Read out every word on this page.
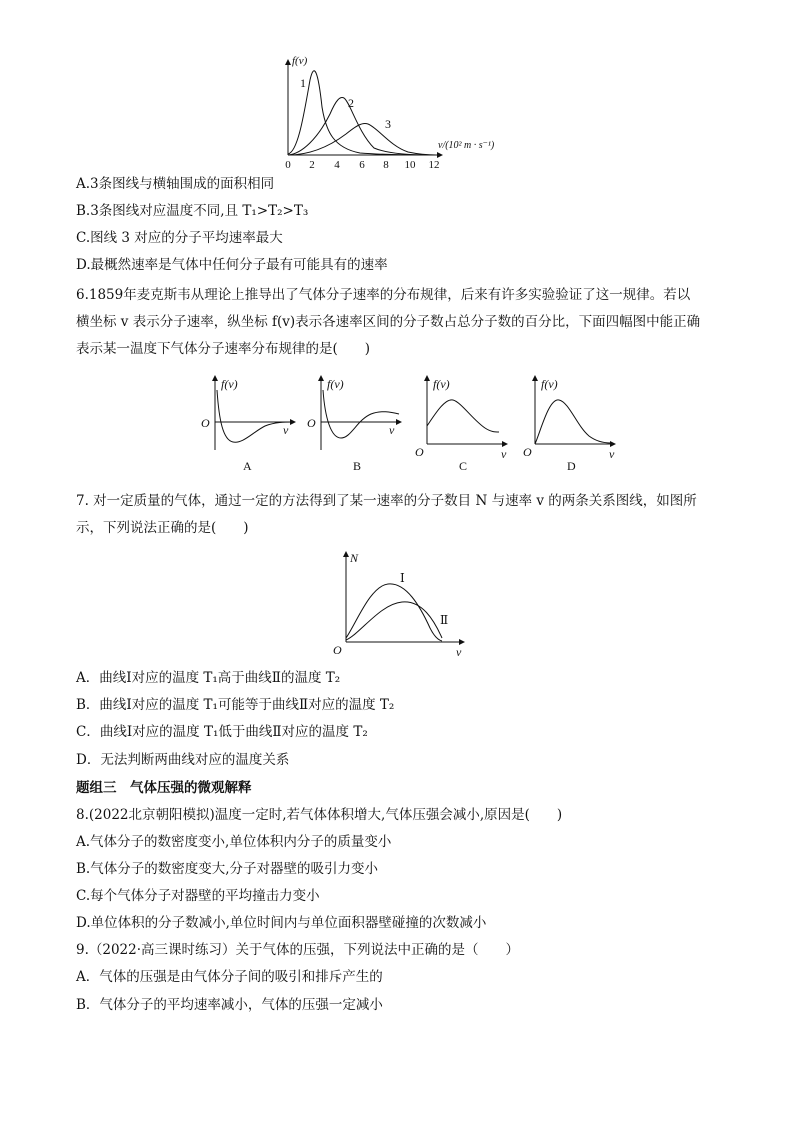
f(v)
v/(10² m · s⁻¹)
1
2
3
0 2 4 6 8 10 12
A.3条图线与横轴围成的面积相同
B.3条图线对应温度不同,且 T₁>T₂>T₃
C.图线 3 对应的分子平均速率最大
D.最概然速率是气体中任何分子最有可能具有的速率
6.1859年麦克斯韦从理论上推导出了气体分子速率的分布规律，后来有许多实验验证了这一规律。若以
横坐标 v 表示分子速率，纵坐标 f(v)表示各速率区间的分子数占总分子数的百分比，下面四幅图中能正确
表示某一温度下气体分子速率分布规律的是(　　)
f(v)
O	v
A
f(v)
O	v
B
f(v)
O	v
C
f(v)
O	v
D
7. 对一定质量的气体，通过一定的方法得到了某一速率的分子数目 N 与速率 v 的两条关系图线，如图所
示，下列说法正确的是(　　)
N
O	v
Ⅰ
Ⅱ
A．曲线Ⅰ对应的温度 T₁高于曲线Ⅱ的温度 T₂
B．曲线Ⅰ对应的温度 T₁可能等于曲线Ⅱ对应的温度 T₂
C．曲线Ⅰ对应的温度 T₁低于曲线Ⅱ对应的温度 T₂
D．无法判断两曲线对应的温度关系
题组三　气体压强的微观解释
8.(2022北京朝阳模拟)温度一定时,若气体体积增大,气体压强会减小,原因是(　　)
A.气体分子的数密度变小,单位体积内分子的质量变小
B.气体分子的数密度变大,分子对器壁的吸引力变小
C.每个气体分子对器壁的平均撞击力变小
D.单位体积的分子数减小,单位时间内与单位面积器壁碰撞的次数减小
9.（2022·高三课时练习）关于气体的压强，下列说法中正确的是（　　）
A．气体的压强是由气体分子间的吸引和排斥产生的
B．气体分子的平均速率减小，气体的压强一定减小
